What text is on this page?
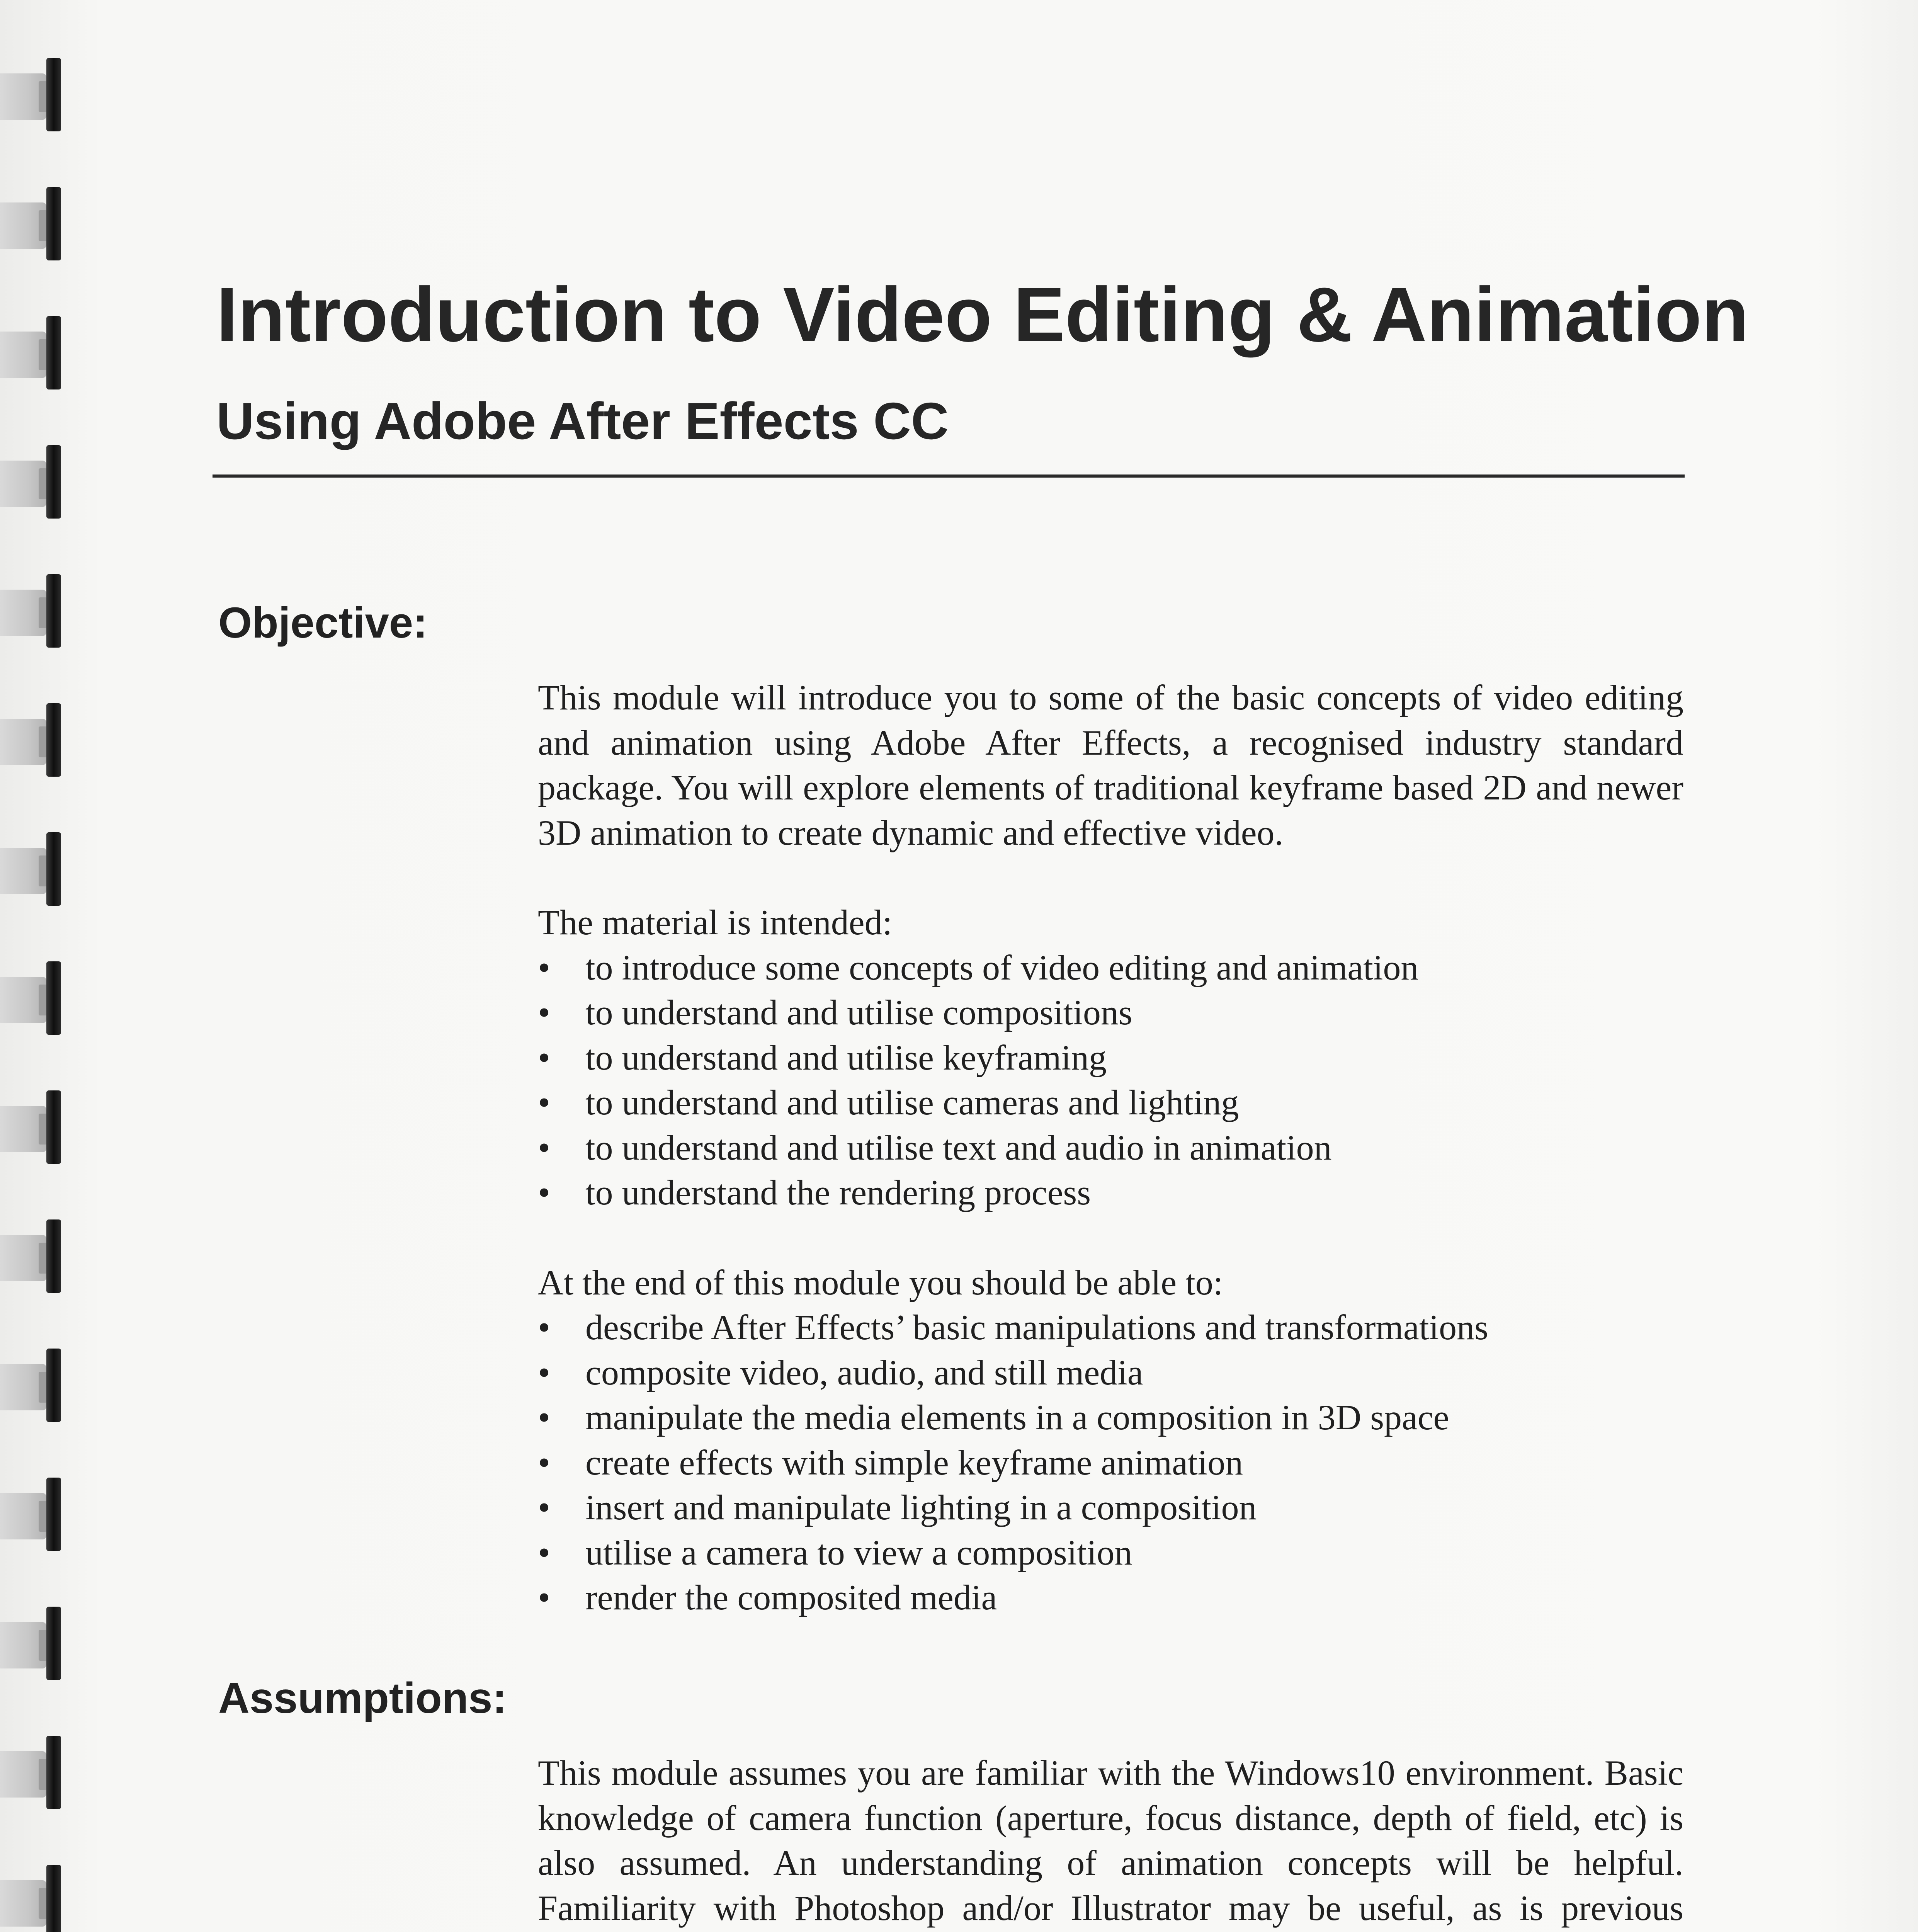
Introduction to Video Editing & Animation
Using Adobe After Effects CC
Objective:

This module will introduce you to some of the basic concepts of video editing and animation using Adobe After Effects, a recognised industry standard package. You will explore elements of traditional keyframe based 2D and newer 3D animation to create dynamic and effective video.

The material is intended:

• to introduce some concepts of video editing and animation
• to understand and utilise compositions
• to understand and utilise keyframing
• to understand and utilise cameras and lighting
• to understand and utilise text and audio in animation
• to understand the rendering process

At the end of this module you should be able to:

• describe After Effects’ basic manipulations and transformations
• composite video, audio, and still media
• manipulate the media elements in a composition in 3D space
• create effects with simple keyframe animation
• insert and manipulate lighting in a composition
• utilise a camera to view a composition
• render the composited media
Assumptions:

This module assumes you are familiar with the Windows10 environment. Basic knowledge of camera function (aperture, focus distance, depth of field, etc) is also assumed. An understanding of animation concepts will be helpful. Familiarity with Photoshop and/or Illustrator may be useful, as is previous
